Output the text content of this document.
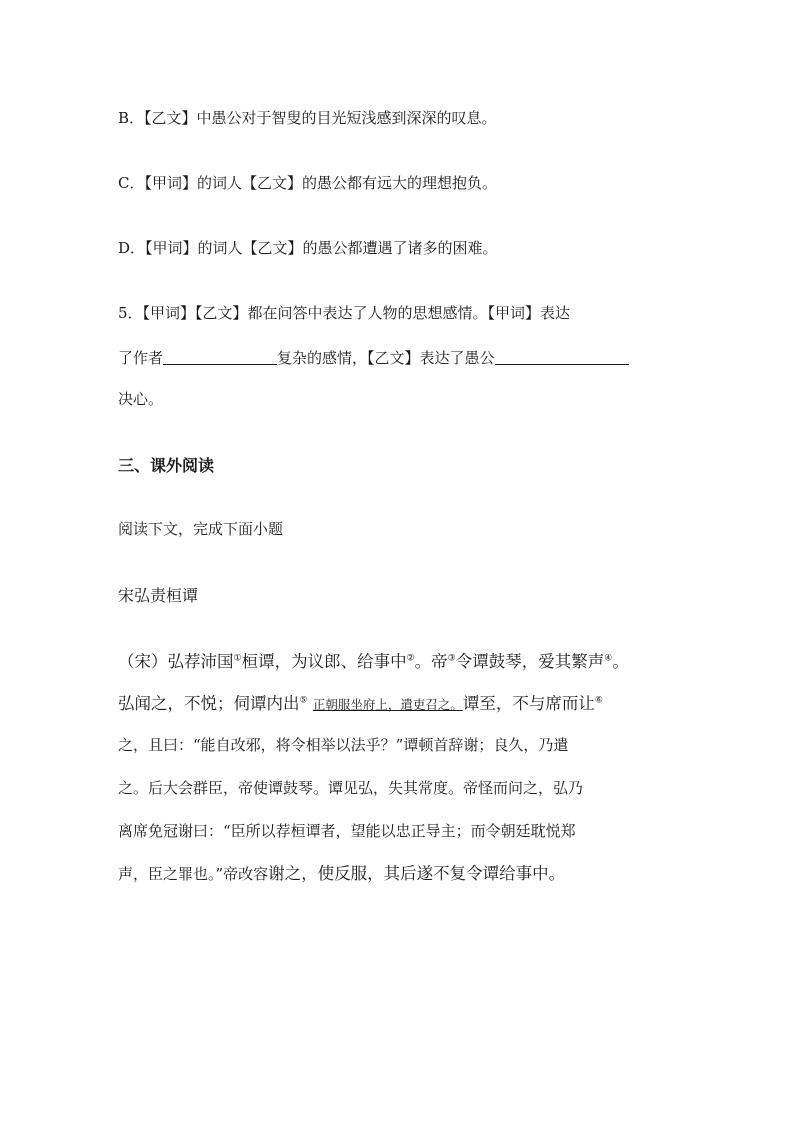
B．【乙文】中愚公对于智叟的目光短浅感到深深的叹息。
C．【甲词】的词人【乙文】的愚公都有远大的理想抱负。
D．【甲词】的词人【乙文】的愚公都遭遇了诸多的困难。
5．【甲词】【乙文】都在问答中表达了人物的思想感情。【甲词】表达
了作者	复杂的感情，【乙文】表达了愚公
决心。
三、课外阅读
阅读下文，完成下面小题
宋弘责桓谭
（宋）弘荐沛国①桓谭，为议郎、给事中②。帝③令谭鼓琴，爱其繁声④。
弘闻之，不悦；伺谭内出⑤ 正朝服坐府上，遣吏召之。谭至，不与席而让⑥
之，且曰：“能自改邪，将令相举以法乎？”谭顿首辞谢；良久，乃遣
之。后大会群臣，帝使谭鼓琴。谭见弘，失其常度。帝怪而问之，弘乃
离席免冠谢曰：“臣所以荐桓谭者，望能以忠正导主；而令朝廷耽悦郑
声，臣之罪也。”帝改容谢之，使反服，其后遂不复令谭给事中。
